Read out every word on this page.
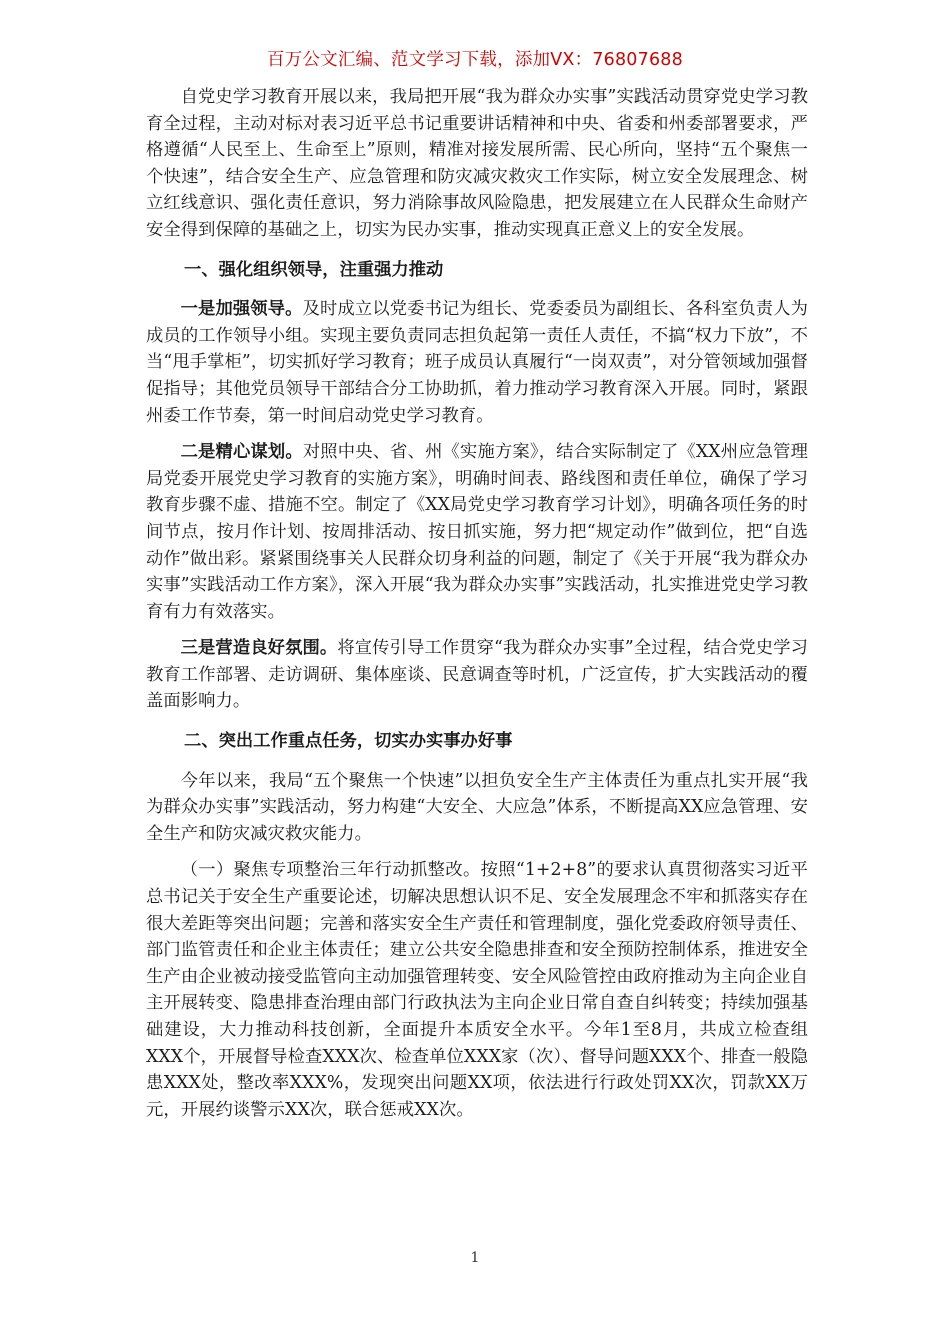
百万公文汇编、范文学习下载，添加VX：76807688

自党史学习教育开展以来，我局把开展“我为群众办实事”实践活动贯穿党史学习教育全过程，主动对标对表习近平总书记重要讲话精神和中央、省委和州委部署要求，严格遵循“人民至上、生命至上”原则，精准对接发展所需、民心所向，坚持“五个聚焦一个快速”，结合安全生产、应急管理和防灾减灾救灾工作实际，树立安全发展理念、树立红线意识、强化责任意识，努力消除事故风险隐患，把发展建立在人民群众生命财产安全得到保障的基础之上，切实为民办实事，推动实现真正意义上的安全发展。

一、强化组织领导，注重强力推动

一是加强领导。及时成立以党委书记为组长、党委委员为副组长、各科室负责人为成员的工作领导小组。实现主要负责同志担负起第一责任人责任，不搞“权力下放”，不当“甩手掌柜”，切实抓好学习教育；班子成员认真履行“一岗双责”，对分管领域加强督促指导；其他党员领导干部结合分工协助抓，着力推动学习教育深入开展。同时，紧跟州委工作节奏，第一时间启动党史学习教育。

二是精心谋划。对照中央、省、州《实施方案》，结合实际制定了《XX州应急管理局党委开展党史学习教育的实施方案》，明确时间表、路线图和责任单位，确保了学习教育步骤不虚、措施不空。制定了《XX局党史学习教育学习计划》，明确各项任务的时间节点，按月作计划、按周排活动、按日抓实施，努力把“规定动作”做到位，把“自选动作”做出彩。紧紧围绕事关人民群众切身利益的问题，制定了《关于开展“我为群众办实事”实践活动工作方案》，深入开展“我为群众办实事”实践活动，扎实推进党史学习教育有力有效落实。

三是营造良好氛围。将宣传引导工作贯穿“我为群众办实事”全过程，结合党史学习教育工作部署、走访调研、集体座谈、民意调查等时机，广泛宣传，扩大实践活动的覆盖面影响力。

二、突出工作重点任务，切实办实事办好事

今年以来，我局“五个聚焦一个快速”以担负安全生产主体责任为重点扎实开展“我为群众办实事”实践活动，努力构建“大安全、大应急”体系，不断提高XX应急管理、安全生产和防灾减灾救灾能力。

（一）聚焦专项整治三年行动抓整改。按照“1+2+8”的要求认真贯彻落实习近平总书记关于安全生产重要论述，切解决思想认识不足、安全发展理念不牢和抓落实存在很大差距等突出问题；完善和落实安全生产责任和管理制度，强化党委政府领导责任、部门监管责任和企业主体责任；建立公共安全隐患排查和安全预防控制体系，推进安全生产由企业被动接受监管向主动加强管理转变、安全风险管控由政府推动为主向企业自主开展转变、隐患排查治理由部门行政执法为主向企业日常自查自纠转变；持续加强基础建设，大力推动科技创新，全面提升本质安全水平。今年1至8月，共成立检查组XXX个，开展督导检查XXX次、检查单位XXX家（次）、督导问题XXX个、排查一般隐患XXX处，整改率XXX%，发现突出问题XX项，依法进行行政处罚XX次，罚款XX万元，开展约谈警示XX次，联合惩戒XX次。

1
